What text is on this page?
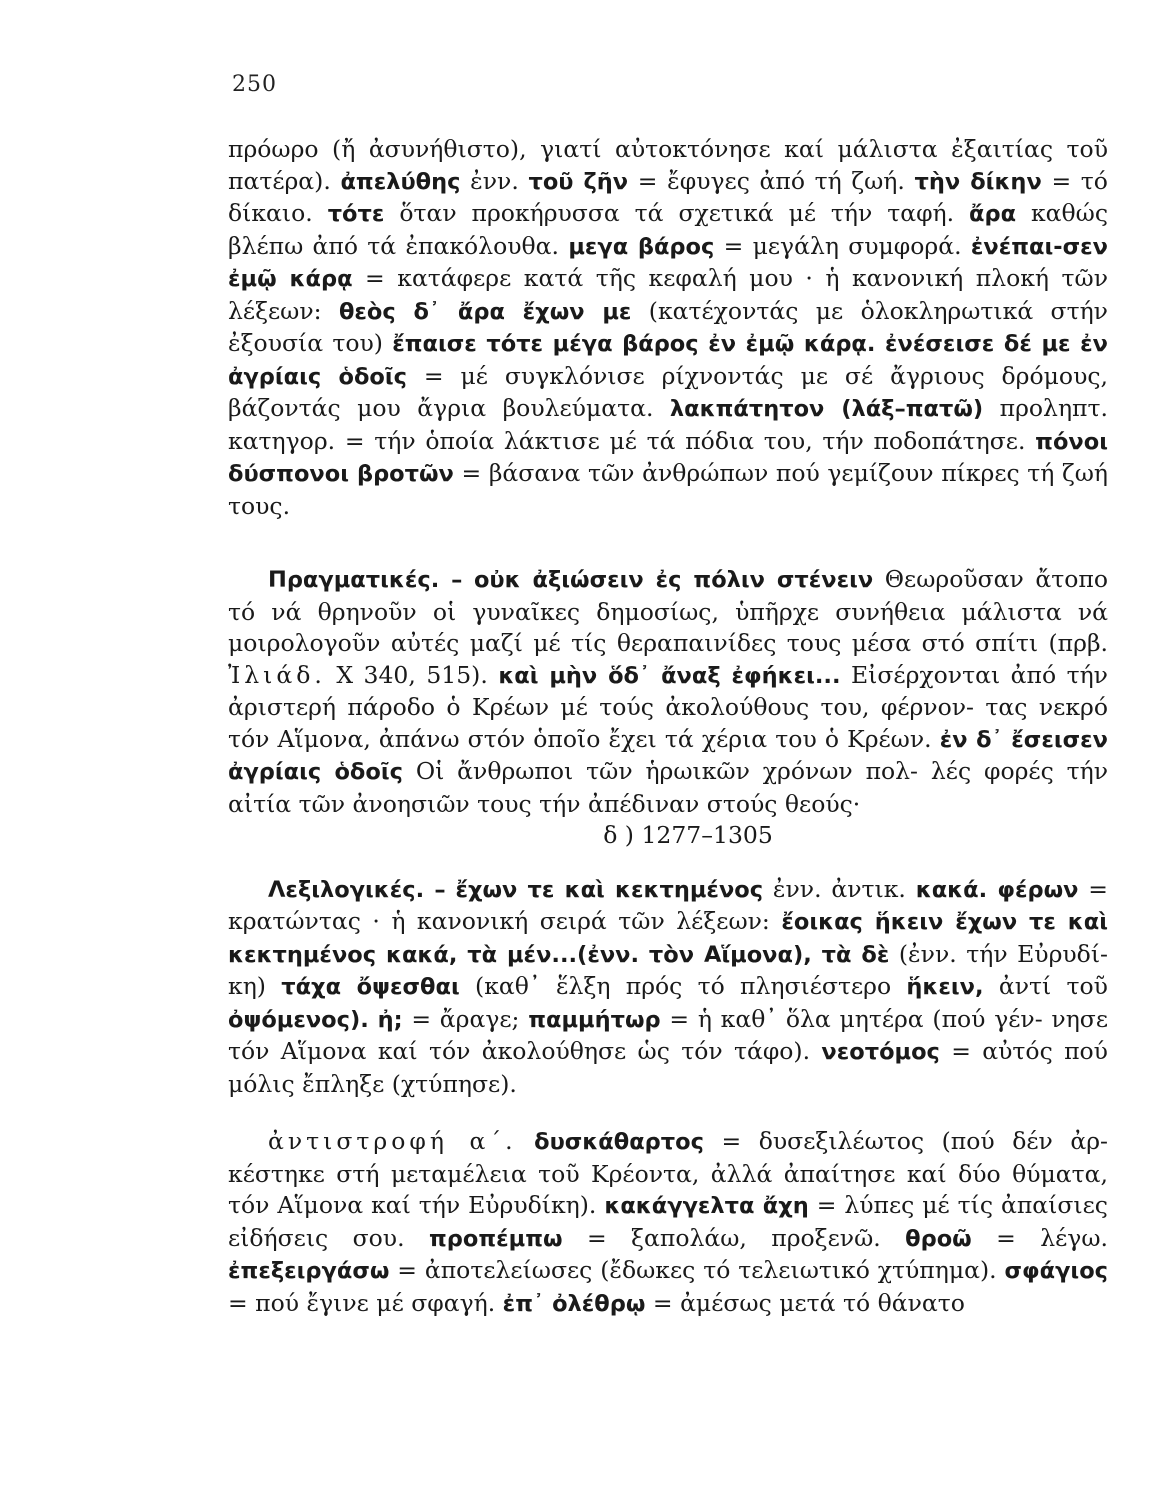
250

πρόωρο (ἤ ἀσυνήθιστο), γιατί αὐτοκτόνησε καί μάλιστα ἐξαιτίας τοῦ πατέρα). ἀπελύθης ἐνν. τοῦ ζῆν = ἔφυγες ἀπό τή ζωή. τὴν δίκην = τό δίκαιο. τότε ὅταν προκήρυσσα τά σχετικά μέ τήν ταφή. ἄρα καθώς βλέπω ἀπό τά ἐπακόλουθα. μεγα βάρος = μεγάλη συμφορά. ἐνέπαι-σεν ἐμῷ κάρᾳ = κατάφερε κατά τῆς κεφαλή μου · ἡ κανονική πλοκή τῶν λέξεων: θεὸς δ᾽ ἄρα ἔχων με (κατέχοντάς με ὁλοκληρωτικά στήν ἐξουσία του) ἔπαισε τότε μέγα βάρος ἐν ἐμῷ κάρᾳ. ἐνέσεισε δέ με ἐν ἀγρίαις ὁδοῖς = μέ συγκλόνισε ρίχνοντάς με σέ ἄγριους δρόμους, βάζοντάς μου ἄγρια βουλεύματα. λακπάτητον (λάξ–πατῶ) προληπτ. κατηγορ. = τήν ὁποία λάκτισε μέ τά πόδια του, τήν ποδοπάτησε. πόνοι δύσπονοι βροτῶν = βάσανα τῶν ἀνθρώπων πού γεμίζουν πίκρες τή ζωή τους.

Πραγματικές. – οὐκ ἀξιώσειν ἐς πόλιν στένειν Θεωροῦσαν ἄτοπο τό νά θρηνοῦν οἱ γυναῖκες δημοσίως, ὑπῆρχε συνήθεια μάλιστα νά μοιρολογοῦν αὐτές μαζί μέ τίς θεραπαινίδες τους μέσα στό σπίτι (πρβ. Ἰλιάδ. Χ 340, 515). καὶ μὴν ὅδ᾽ ἄναξ ἐφήκει... Εἰσέρχονται ἀπό τήν ἀριστερή πάροδο ὁ Κρέων μέ τούς ἀκολούθους του, φέρνον- τας νεκρό τόν Αἵμονα, ἀπάνω στόν ὁποῖο ἔχει τά χέρια του ὁ Κρέων. ἐν δ᾽ ἔσεισεν ἀγρίαις ὁδοῖς Οἱ ἄνθρωποι τῶν ἡρωικῶν χρόνων πολ- λές φορές τήν αἰτία τῶν ἀνοησιῶν τους τήν ἀπέδιναν στούς θεούς·
δ ) 1277–1305

Λεξιλογικές. – ἔχων τε καὶ κεκτημένος ἐνν. ἀντικ. κακά. φέρων = κρατώντας · ἡ κανονική σειρά τῶν λέξεων: ἔοικας ἥκειν ἔχων τε καὶ κεκτημένος κακά, τὰ μέν...(ἐνν. τὸν Αἵμονα), τὰ δὲ (ἐνν. τήν Εὐρυδί- κη) τάχα ὄψεσθαι (καθ᾽ ἕλξη πρός τό πλησιέστερο ἥκειν, ἀντί τοῦ ὀψόμενος). ἠ; = ἄραγε; παμμήτωρ = ἡ καθ᾽ ὅλα μητέρα (πού γέν- νησε τόν Αἵμονα καί τόν ἀκολούθησε ὡς τόν τάφο). νεοτόμος = αὐτός πού μόλις ἔπληξε (χτύπησε).

ἀντιστροφή α΄. δυσκάθαρτος = δυσεξιλέωτος (πού δέν ἀρ- κέστηκε στή μεταμέλεια τοῦ Κρέοντα, ἀλλά ἀπαίτησε καί δύο θύματα, τόν Αἵμονα καί τήν Εὐρυδίκη). κακάγγελτα ἄχη = λύπες μέ τίς ἀπαίσιες εἰδήσεις σου. προπέμπω = ξαπολάω, προξενῶ. θροῶ = λέγω. ἐπεξειργάσω = ἀποτελείωσες (ἔδωκες τό τελειωτικό χτύπημα). σφάγιος = πού ἔγινε μέ σφαγή. ἐπ᾽ ὀλέθρῳ = ἀμέσως μετά τό θάνατο
